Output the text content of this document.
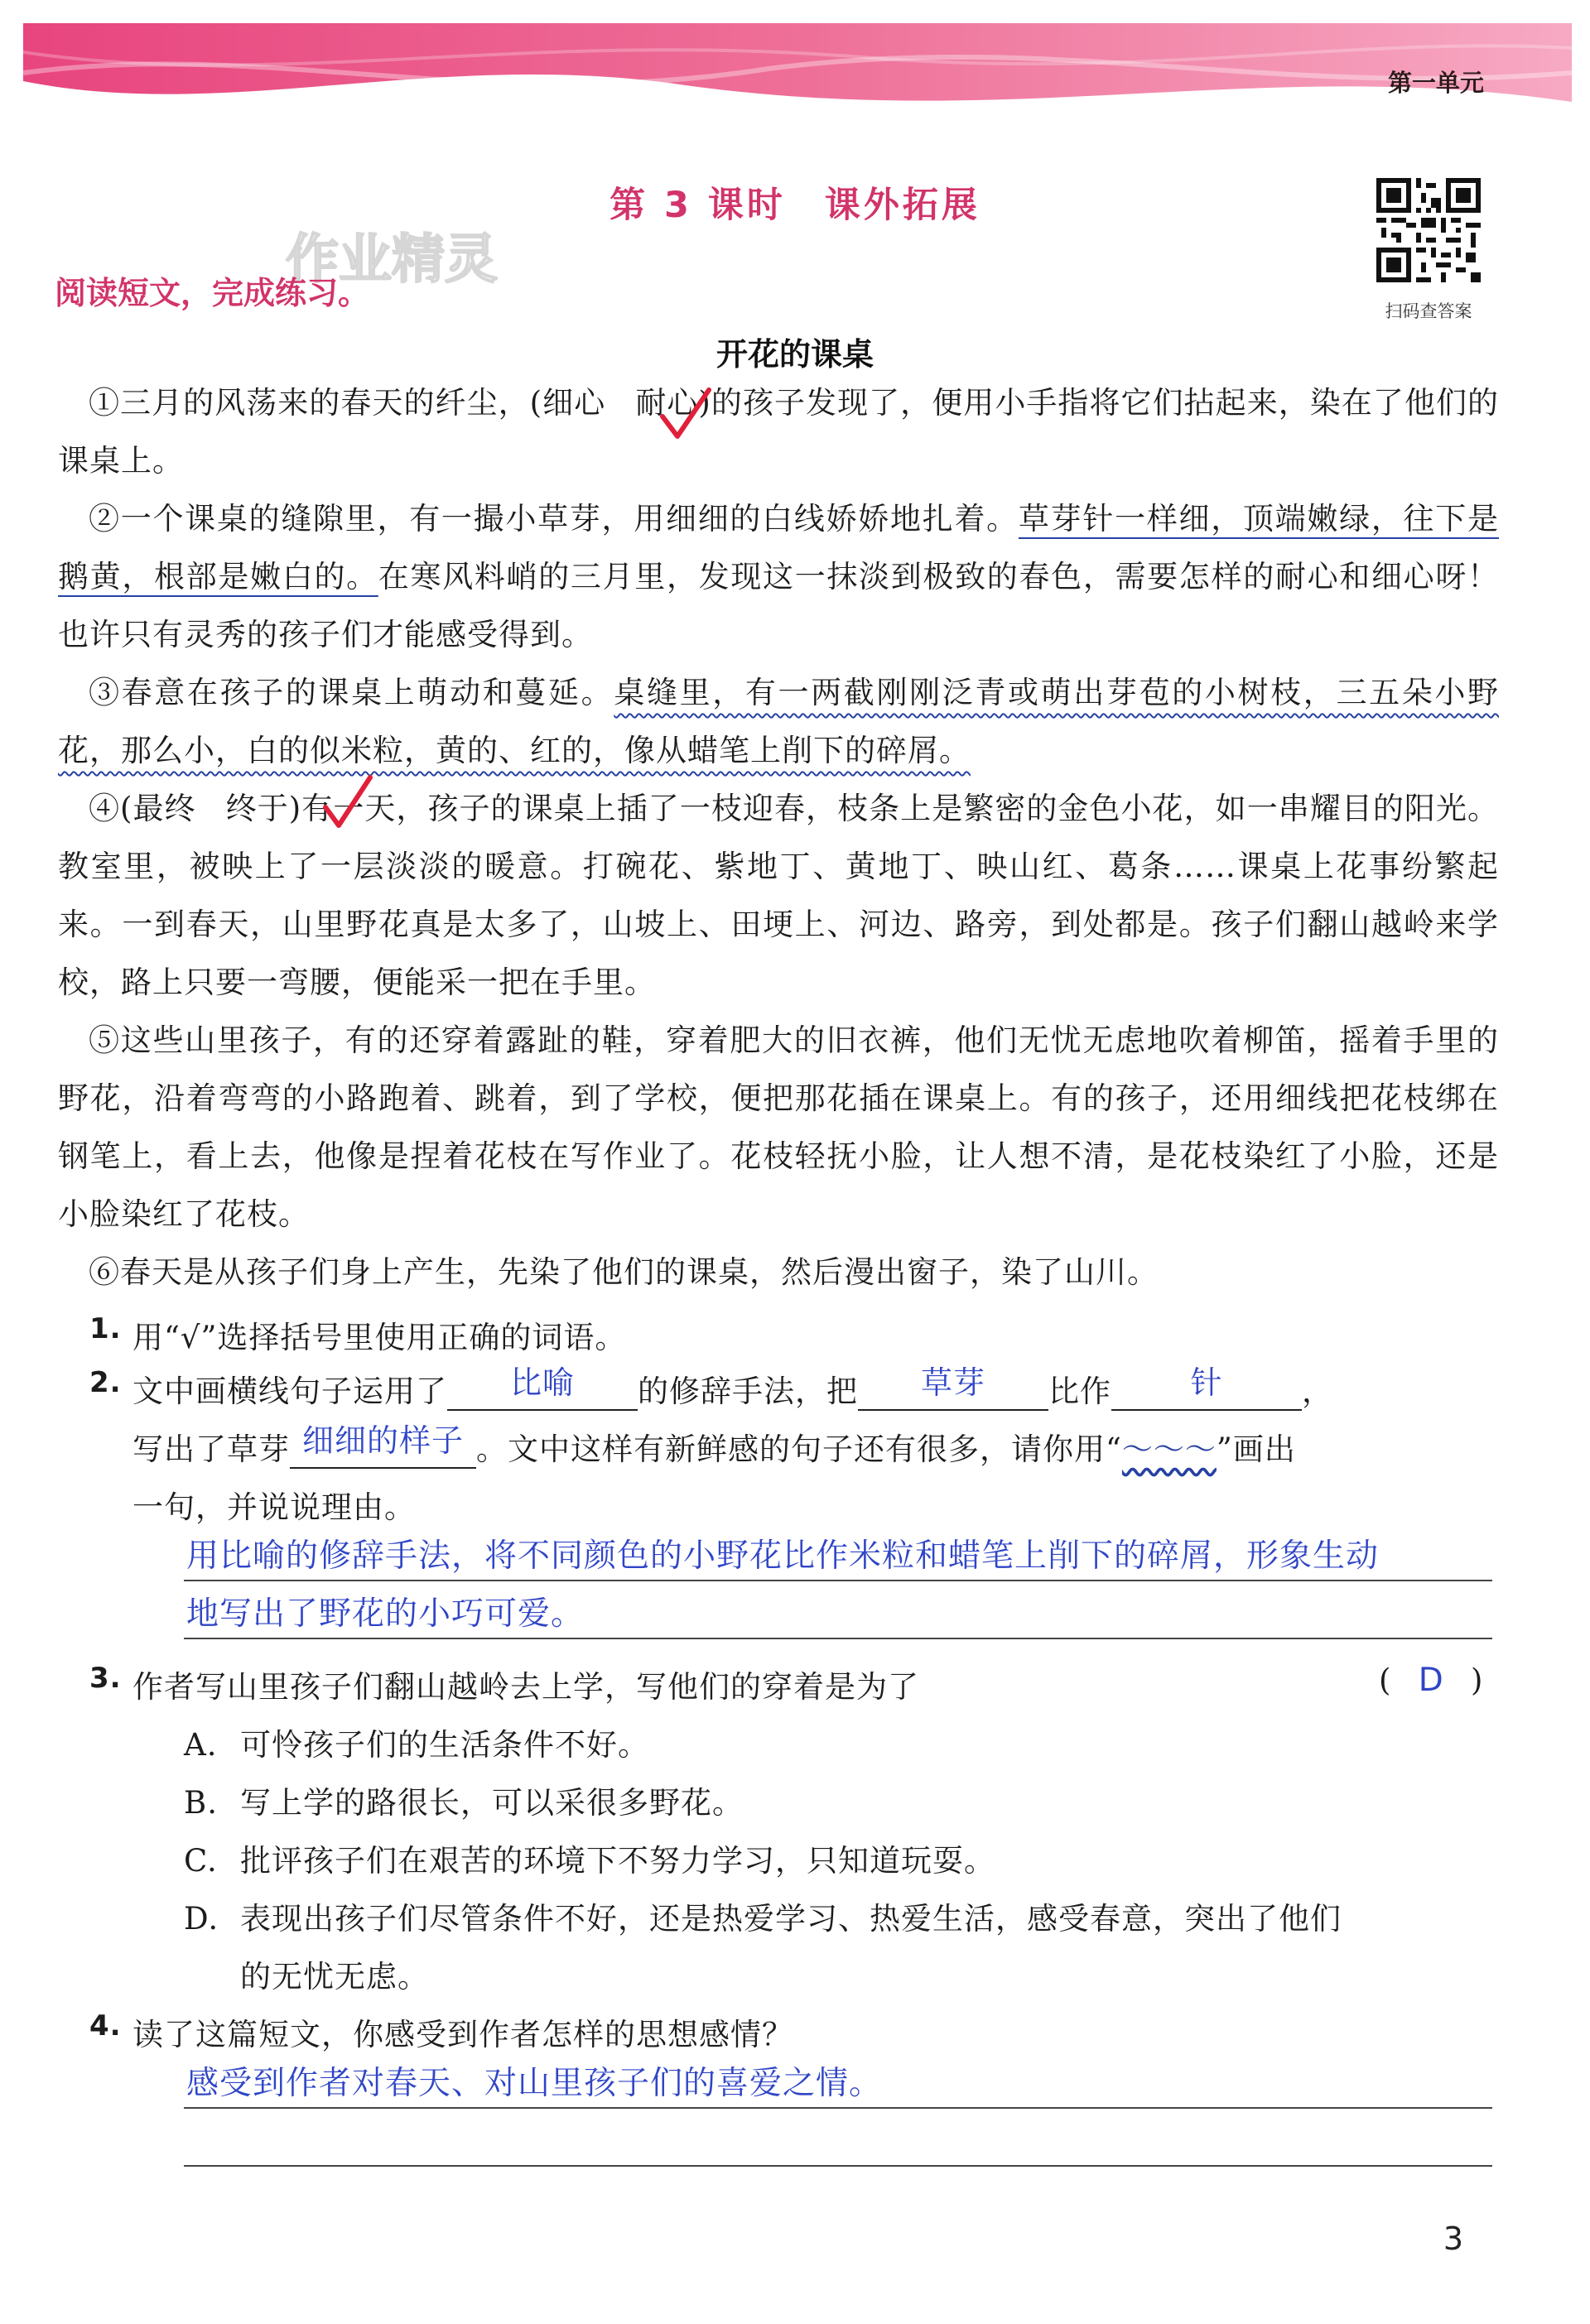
第一单元
第 3 课时　课外拓展
作业精灵
扫码查答案
阅读短文，完成练习。
开花的课桌

①三月的风荡来的春天的纤尘，(细心 耐心)的孩子发现了，便用小手指将它们拈起来，染在了他们的课桌上。

②一个课桌的缝隙里，有一撮小草芽，用细细的白线娇娇地扎着。草芽针一样细，顶端嫩绿，往下是鹅黄，根部是嫩白的。在寒风料峭的三月里，发现这一抹淡到极致的春色，需要怎样的耐心和细心呀！也许只有灵秀的孩子们才能感受得到。

③春意在孩子的课桌上萌动和蔓延。桌缝里，有一两截刚刚泛青或萌出芽苞的小树枝，三五朵小野花，那么小，白的似米粒，黄的、红的，像从蜡笔上削下的碎屑。

④(最终 终于)有一天，孩子的课桌上插了一枝迎春，枝条上是繁密的金色小花，如一串耀目的阳光。教室里，被映上了一层淡淡的暖意。打碗花、紫地丁、黄地丁、映山红、葛条……课桌上花事纷繁起来。一到春天，山里野花真是太多了，山坡上、田埂上、河边、路旁，到处都是。孩子们翻山越岭来学校，路上只要一弯腰，便能采一把在手里。

⑤这些山里孩子，有的还穿着露趾的鞋，穿着肥大的旧衣裤，他们无忧无虑地吹着柳笛，摇着手里的野花，沿着弯弯的小路跑着、跳着，到了学校，便把那花插在课桌上。有的孩子，还用细线把花枝绑在钢笔上，看上去，他像是捏着花枝在写作业了。花枝轻抚小脸，让人想不清，是花枝染红了小脸，还是小脸染红了花枝。

⑥春天是从孩子们身上产生，先染了他们的课桌，然后漫出窗子，染了山川。

1. 用“√”选择括号里使用正确的词语。
2. 文中画横线句子运用了	比喻	的修辞手法，把	草芽	比作	针	，
写出了草芽 细细的样子 。文中这样有新鲜感的句子还有很多，请你用“～～～”画出
一句，并说说理由。
用比喻的修辞手法，将不同颜色的小野花比作米粒和蜡笔上削下的碎屑，形象生动
地写出了野花的小巧可爱。
3. 作者写山里孩子们翻山越岭去上学，写他们的穿着是为了	( D )
A. 可怜孩子们的生活条件不好。
B. 写上学的路很长，可以采很多野花。
C. 批评孩子们在艰苦的环境下不努力学习，只知道玩耍。
D. 表现出孩子们尽管条件不好，还是热爱学习、热爱生活，感受春意，突出了他们
的无忧无虑。
4. 读了这篇短文，你感受到作者怎样的思想感情？
感受到作者对春天、对山里孩子们的喜爱之情。
3
